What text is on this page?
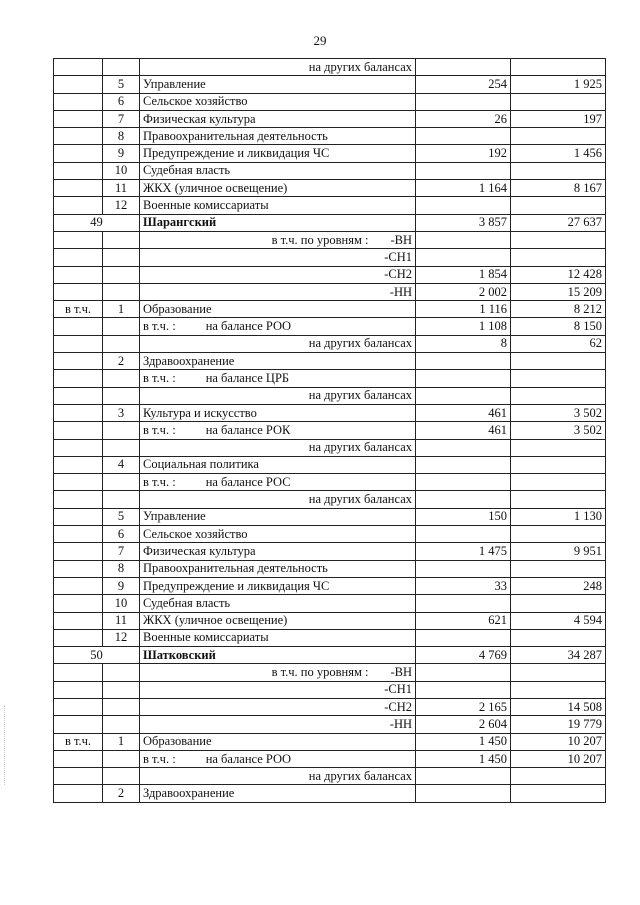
29
		на других балансах		
	5	Управление	254	1 925
	6	Сельское хозяйство		
	7	Физическая культура	26	197
	8	Правоохранительная деятельность		
	9	Предупреждение и ликвидация ЧС	192	1 456
	10	Судебная власть		
	11	ЖКХ (уличное освещение)	1 164	8 167
	12	Военные комиссариаты		
49		Шарангский	3 857	27 637
		в т.ч. по уровням : -ВН		
		-СН1		
		-СН2	1 854	12 428
		-НН	2 002	15 209
в т.ч.	1	Образование	1 116	8 212
		в т.ч. : на балансе РОО	1 108	8 150
		на других балансах	8	62
	2	Здравоохранение		
		в т.ч. : на балансе ЦРБ		
		на других балансах		
	3	Культура и искусство	461	3 502
		в т.ч. : на балансе РОК	461	3 502
		на других балансах		
	4	Социальная политика		
		в т.ч. : на балансе РОС		
		на других балансах		
	5	Управление	150	1 130
	6	Сельское хозяйство		
	7	Физическая культура	1 475	9 951
	8	Правоохранительная деятельность		
	9	Предупреждение и ликвидация ЧС	33	248
	10	Судебная власть		
	11	ЖКХ (уличное освещение)	621	4 594
	12	Военные комиссариаты		
50		Шатковский	4 769	34 287
		в т.ч. по уровням : -ВН		
		-СН1		
		-СН2	2 165	14 508
		-НН	2 604	19 779
в т.ч.	1	Образование	1 450	10 207
		в т.ч. : на балансе РОО	1 450	10 207
		на других балансах		
	2	Здравоохранение		
